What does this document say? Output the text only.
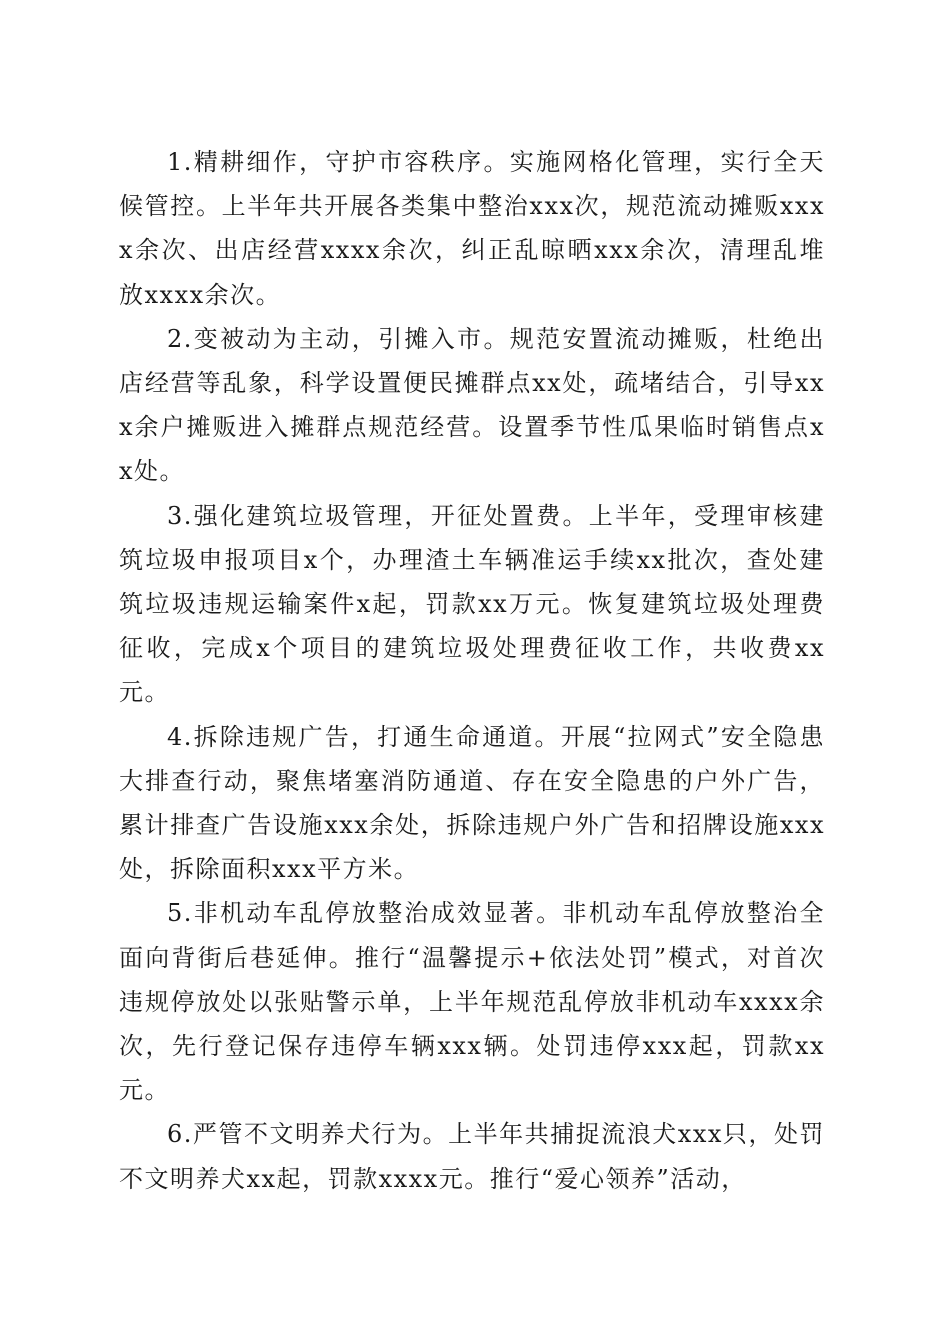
1.精耕细作，守护市容秩序。实施网格化管理，实行全天候管控。上半年共开展各类集中整治xxx次，规范流动摊贩xxxx余次、出店经营xxxx余次，纠正乱晾晒xxx余次，清理乱堆放xxxx余次。

2.变被动为主动，引摊入市。规范安置流动摊贩，杜绝出店经营等乱象，科学设置便民摊群点xx处，疏堵结合，引导xxx余户摊贩进入摊群点规范经营。设置季节性瓜果临时销售点xx处。

3.强化建筑垃圾管理，开征处置费。上半年，受理审核建筑垃圾申报项目x个，办理渣土车辆准运手续xx批次，查处建筑垃圾违规运输案件x起，罚款xx万元。恢复建筑垃圾处理费征收，完成x个项目的建筑垃圾处理费征收工作，共收费xx元。

4.拆除违规广告，打通生命通道。开展“拉网式”安全隐患大排查行动，聚焦堵塞消防通道、存在安全隐患的户外广告，累计排查广告设施xxx余处，拆除违规户外广告和招牌设施xxx处，拆除面积xxx平方米。

5.非机动车乱停放整治成效显著。非机动车乱停放整治全面向背街后巷延伸。推行“温馨提示+依法处罚”模式，对首次违规停放处以张贴警示单，上半年规范乱停放非机动车xxxx余次，先行登记保存违停车辆xxx辆。处罚违停xxx起，罚款xx元。

6.严管不文明养犬行为。上半年共捕捉流浪犬xxx只，处罚不文明养犬xx起，罚款xxxx元。推行“爱心领养”活动，
